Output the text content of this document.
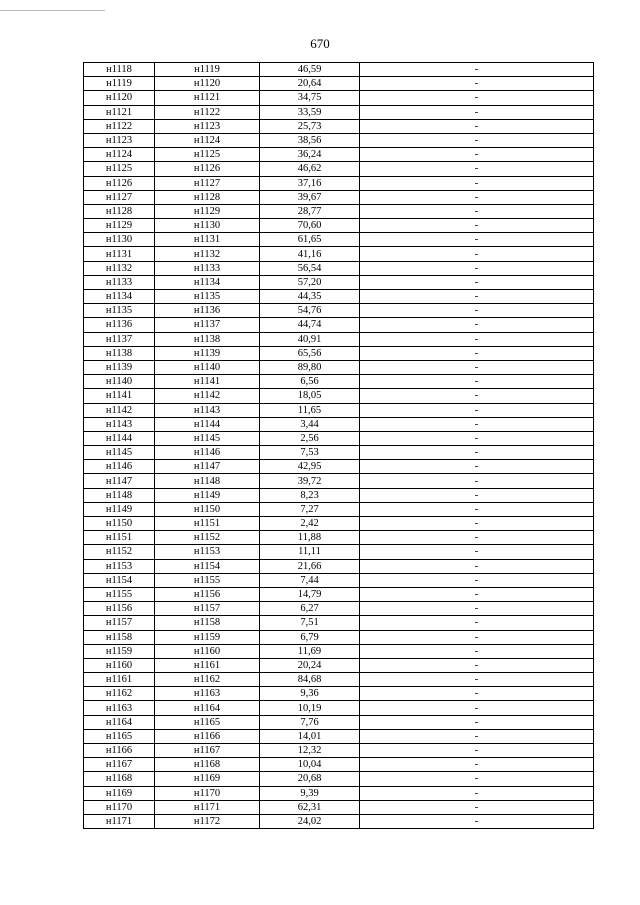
670
н1118	н1119	46,59	-
н1119	н1120	20,64	-
н1120	н1121	34,75	-
н1121	н1122	33,59	-
н1122	н1123	25,73	-
н1123	н1124	38,56	-
н1124	н1125	36,24	-
н1125	н1126	46,62	-
н1126	н1127	37,16	-
н1127	н1128	39,67	-
н1128	н1129	28,77	-
н1129	н1130	70,60	-
н1130	н1131	61,65	-
н1131	н1132	41,16	-
н1132	н1133	56,54	-
н1133	н1134	57,20	-
н1134	н1135	44,35	-
н1135	н1136	54,76	-
н1136	н1137	44,74	-
н1137	н1138	40,91	-
н1138	н1139	65,56	-
н1139	н1140	89,80	-
н1140	н1141	6,56	-
н1141	н1142	18,05	-
н1142	н1143	11,65	-
н1143	н1144	3,44	-
н1144	н1145	2,56	-
н1145	н1146	7,53	-
н1146	н1147	42,95	-
н1147	н1148	39,72	-
н1148	н1149	8,23	-
н1149	н1150	7,27	-
н1150	н1151	2,42	-
н1151	н1152	11,88	-
н1152	н1153	11,11	-
н1153	н1154	21,66	-
н1154	н1155	7,44	-
н1155	н1156	14,79	-
н1156	н1157	6,27	-
н1157	н1158	7,51	-
н1158	н1159	6,79	-
н1159	н1160	11,69	-
н1160	н1161	20,24	-
н1161	н1162	84,68	-
н1162	н1163	9,36	-
н1163	н1164	10,19	-
н1164	н1165	7,76	-
н1165	н1166	14,01	-
н1166	н1167	12,32	-
н1167	н1168	10,04	-
н1168	н1169	20,68	-
н1169	н1170	9,39	-
н1170	н1171	62,31	-
н1171	н1172	24,02	-
